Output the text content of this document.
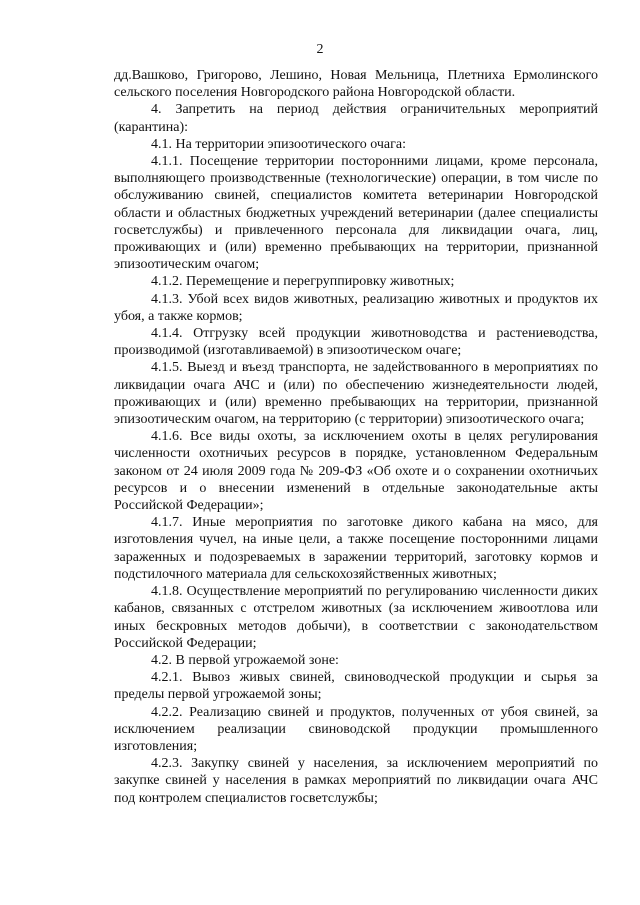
2

дд.Вашково, Григорово, Лешино, Новая Мельница, Плетниха Ермолинского сельского поселения Новгородского района Новгородской области.

4. Запретить на период действия ограничительных мероприятий (карантина):

4.1. На территории эпизоотического очага:

4.1.1. Посещение территории посторонними лицами, кроме персонала, выполняющего производственные (технологические) операции, в том числе по обслуживанию свиней, специалистов комитета ветеринарии Новгородской области и областных бюджетных учреждений ветеринарии (далее специалисты госветслужбы) и привлеченного персонала для ликвидации очага, лиц, проживающих и (или) временно пребывающих на территории, признанной эпизоотическим очагом;

4.1.2. Перемещение и перегруппировку животных;

4.1.3. Убой всех видов животных, реализацию животных и продуктов их убоя, а также кормов;

4.1.4. Отгрузку всей продукции животноводства и растениеводства, производимой (изготавливаемой) в эпизоотическом очаге;

4.1.5. Выезд и въезд транспорта, не задействованного в мероприятиях по ликвидации очага АЧС и (или) по обеспечению жизнедеятельности людей, проживающих и (или) временно пребывающих на территории, признанной эпизоотическим очагом, на территорию (с территории) эпизоотического очага;

4.1.6. Все виды охоты, за исключением охоты в целях регулирования численности охотничьих ресурсов в порядке, установленном Федеральным законом от 24 июля 2009 года № 209-ФЗ «Об охоте и о сохранении охотничьих ресурсов и о внесении изменений в отдельные законодательные акты Российской Федерации»;

4.1.7. Иные мероприятия по заготовке дикого кабана на мясо, для изготовления чучел, на иные цели, а также посещение посторонними лицами зараженных и подозреваемых в заражении территорий, заготовку кормов и подстилочного материала для сельскохозяйственных животных;

4.1.8. Осуществление мероприятий по регулированию численности диких кабанов, связанных с отстрелом животных (за исключением живоотлова или иных бескровных методов добычи), в соответствии с законодательством Российской Федерации;

4.2. В первой угрожаемой зоне:

4.2.1. Вывоз живых свиней, свиноводческой продукции и сырья за пределы первой угрожаемой зоны;

4.2.2. Реализацию свиней и продуктов, полученных от убоя свиней, за исключением реализации свиноводской продукции промышленного изготовления;

4.2.3. Закупку свиней у населения, за исключением мероприятий по закупке свиней у населения в рамках мероприятий по ликвидации очага АЧС под контролем специалистов госветслужбы;
